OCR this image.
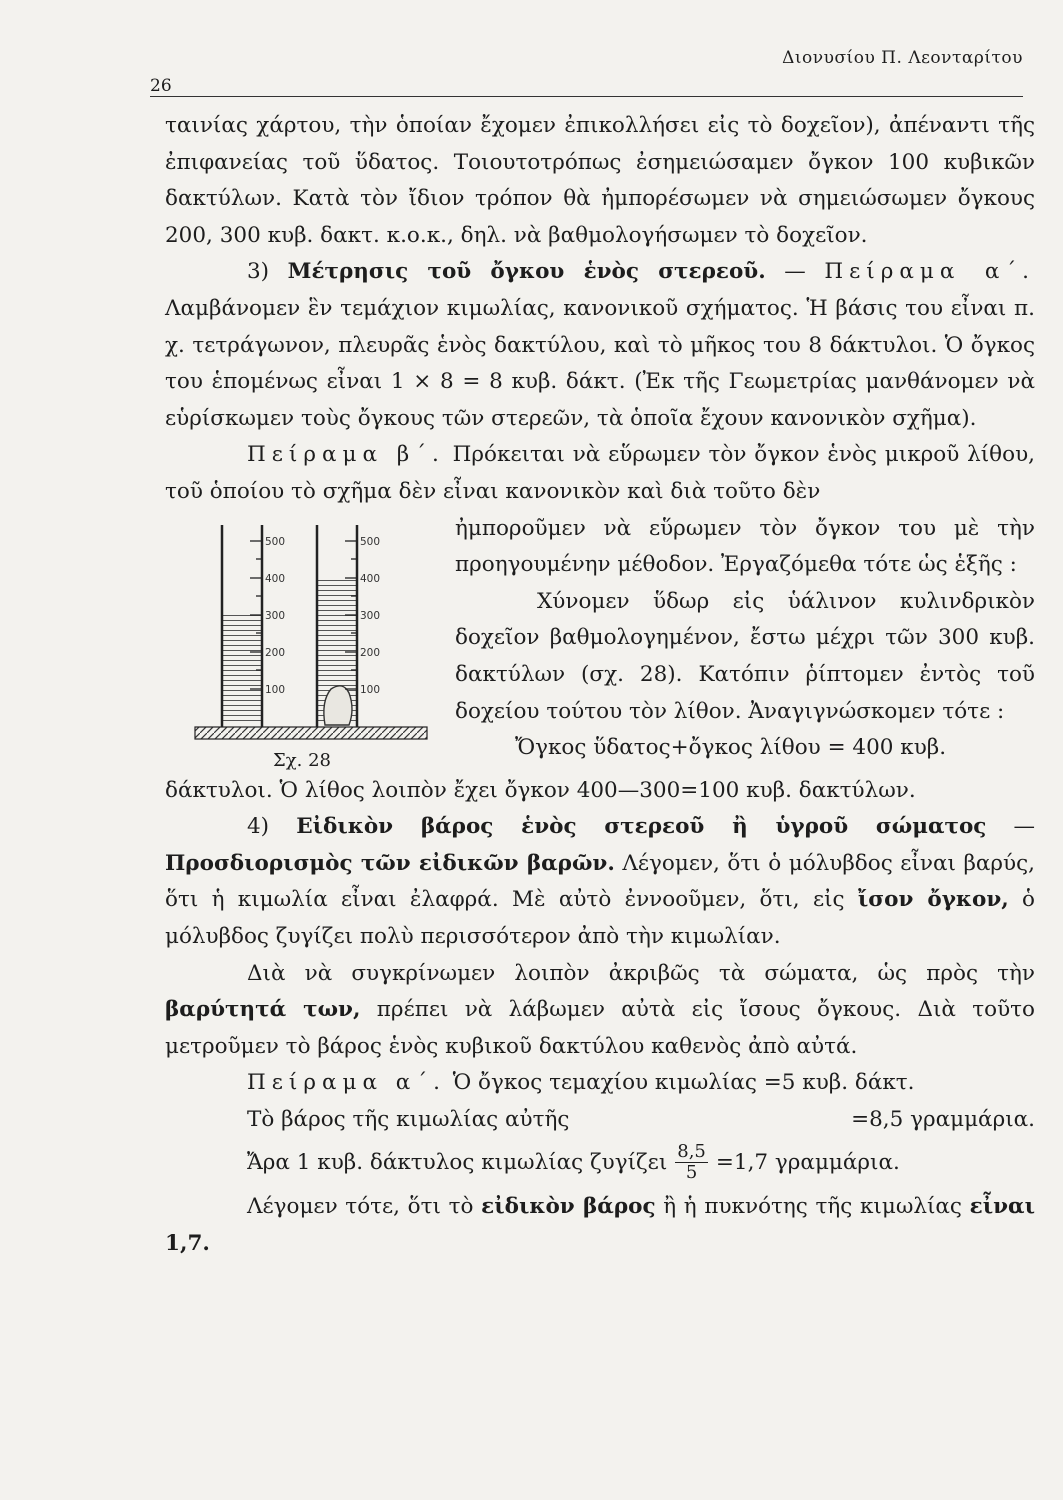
26
Διονυσίου Π. Λεονταρίτου

ταινίας χάρτου, τὴν ὁποίαν ἔχομεν ἐπικολλήσει εἰς τὸ δοχεῖον), ἀπέναντι τῆς ἐπιφανείας τοῦ ὕδατος. Τοιουτοτρόπως ἐσημειώσαμεν ὄγκον 100 κυβικῶν δακτύλων. Κατὰ τὸν ἴδιον τρόπον θὰ ἠμπορέσωμεν νὰ σημειώσωμεν ὄγκους 200, 300 κυβ. δακτ. κ.ο.κ., δηλ. νὰ βαθμολογήσωμεν τὸ δοχεῖον.

3) Μέτρησις τοῦ ὄγκου ἑνὸς στερεοῦ. — Πείραμα α΄. Λαμβάνομεν ἓν τεμάχιον κιμωλίας, κανονικοῦ σχήματος. Ἡ βάσις του εἶναι π. χ. τετράγωνον, πλευρᾶς ἑνὸς δακτύλου, καὶ τὸ μῆκος του 8 δάκτυλοι. Ὁ ὄγκος του ἑπομένως εἶναι 1 × 8 = 8 κυβ. δάκτ. (Ἐκ τῆς Γεωμετρίας μανθάνομεν νὰ εὑρίσκωμεν τοὺς ὄγκους τῶν στερεῶν, τὰ ὁποῖα ἔχουν κανονικὸν σχῆμα).

Πείραμα β΄. Πρόκειται νὰ εὕρωμεν τὸν ὄγκον ἑνὸς μικροῦ λίθου, τοῦ ὁποίου τὸ σχῆμα δὲν εἶναι κανονικὸν καὶ διὰ τοῦτο δὲν

500
400
300
200
100
500
400
300
200
100
Σχ. 28

ἠμποροῦμεν νὰ εὕρωμεν τὸν ὄγκον του μὲ τὴν προηγουμένην μέθοδον. Ἐργαζόμεθα τότε ὡς ἑξῆς :

Χύνομεν ὕδωρ εἰς ὑάλινον κυλινδρικὸν δοχεῖον βαθμολογημένον, ἔστω μέχρι τῶν 300 κυβ. δακτύλων (σχ. 28). Κατόπιν ῥίπτομεν ἐντὸς τοῦ δοχείου τούτου τὸν λίθον. Ἀναγιγνώσκομεν τότε :

Ὄγκος ὕδατος+ὄγκος λίθου = 400 κυβ.

δάκτυλοι. Ὁ λίθος λοιπὸν ἔχει ὄγκον 400—300=100 κυβ. δακτύλων.

4) Εἰδικὸν βάρος ἑνὸς στερεοῦ ἢ ὑγροῦ σώματος — Προσδιορισμὸς τῶν εἰδικῶν βαρῶν. Λέγομεν, ὅτι ὁ μόλυβδος εἶναι βαρύς, ὅτι ἡ κιμωλία εἶναι ἐλαφρά. Μὲ αὐτὸ ἐννοοῦμεν, ὅτι, εἰς ἴσον ὄγκον, ὁ μόλυβδος ζυγίζει πολὺ περισσότερον ἀπὸ τὴν κιμωλίαν.

Διὰ νὰ συγκρίνωμεν λοιπὸν ἀκριβῶς τὰ σώματα, ὡς πρὸς τὴν βαρύτητά των, πρέπει νὰ λάβωμεν αὐτὰ εἰς ἴσους ὄγκους. Διὰ τοῦτο μετροῦμεν τὸ βάρος ἑνὸς κυβικοῦ δακτύλου καθενὸς ἀπὸ αὐτά.

Πείραμα α΄. Ὁ ὄγκος τεμαχίου κιμωλίας =5 κυβ. δάκτ.

Τὸ βάρος τῆς κιμωλίας αὐτῆς	=8,5 γραμμάρια.
Ἄρα 1 κυβ. δάκτυλος κιμωλίας ζυγίζει $\frac{8,5}{5} =1,7$ γραμμάρια.

Λέγομεν τότε, ὅτι τὸ εἰδικὸν βάρος ἢ ἡ πυκνότης τῆς κιμωλίας εἶναι 1,7.
